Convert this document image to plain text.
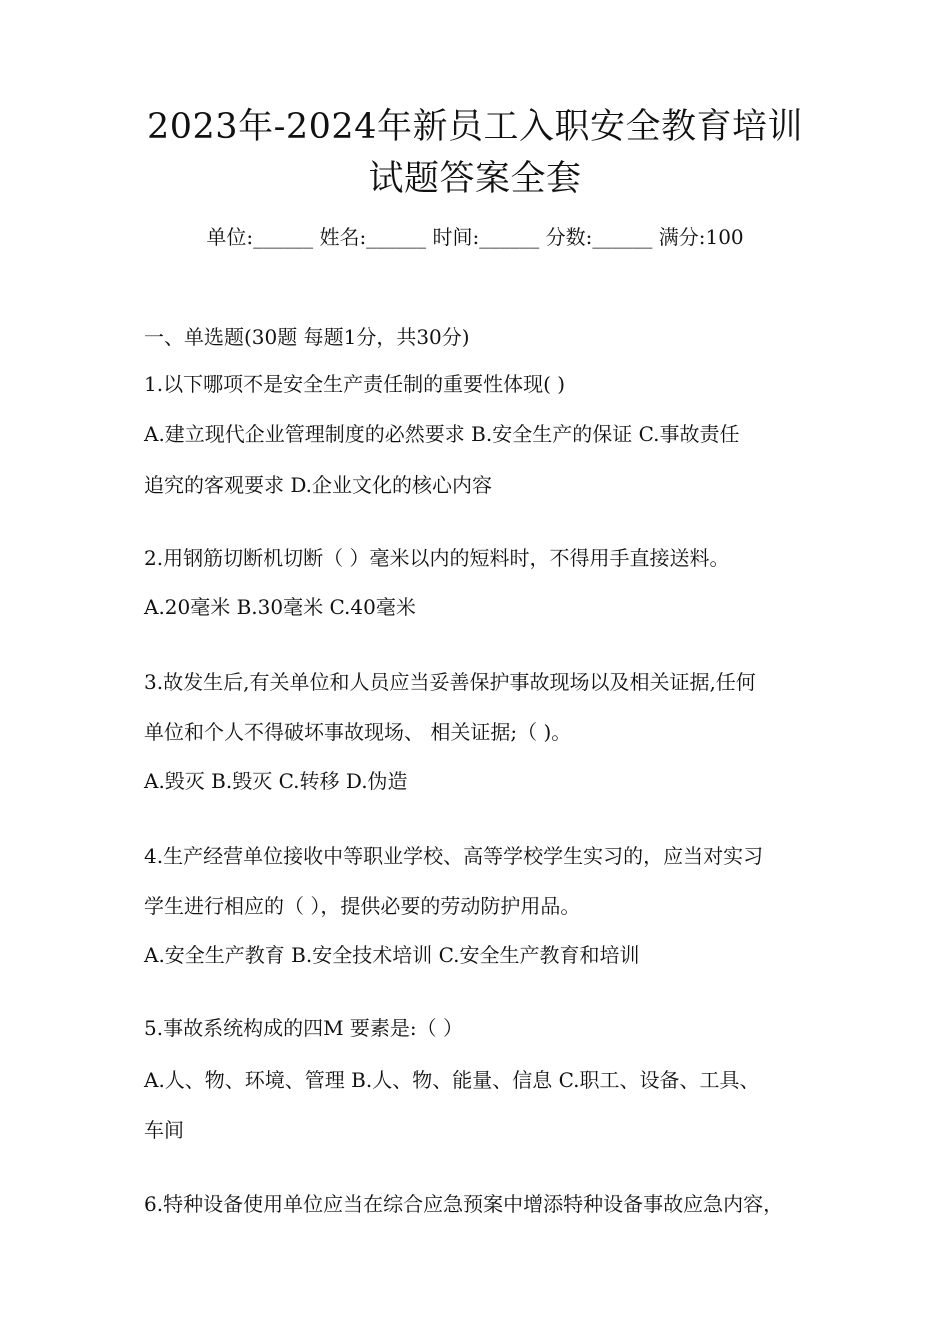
2023年-2024年新员工入职安全教育培训
试题答案全套
单位:______ 姓名:______ 时间:______ 分数:______ 满分:100
一、单选题(30题 每题1分，共30分)
1.以下哪项不是安全生产责任制的重要性体现( )
A.建立现代企业管理制度的必然要求 B.安全生产的保证 C.事故责任
追究的客观要求 D.企业文化的核心内容
2.用钢筋切断机切断（ ）毫米以内的短料时，不得用手直接送料。
A.20毫米 B.30毫米 C.40毫米
3.故发生后,有关单位和人员应当妥善保护事故现场以及相关证据,任何
单位和个人不得破坏事故现场、 相关证据;（ )。
A.毁灭 B.毁灭 C.转移 D.伪造
4.生产经营单位接收中等职业学校、高等学校学生实习的，应当对实习
学生进行相应的（ ），提供必要的劳动防护用品。
A.安全生产教育 B.安全技术培训 C.安全生产教育和培训
5.事故系统构成的四M 要素是:（ ）
A.人、物、环境、管理 B.人、物、能量、信息 C.职工、设备、工具、
车间
6.特种设备使用单位应当在综合应急预案中增添特种设备事故应急内容，
